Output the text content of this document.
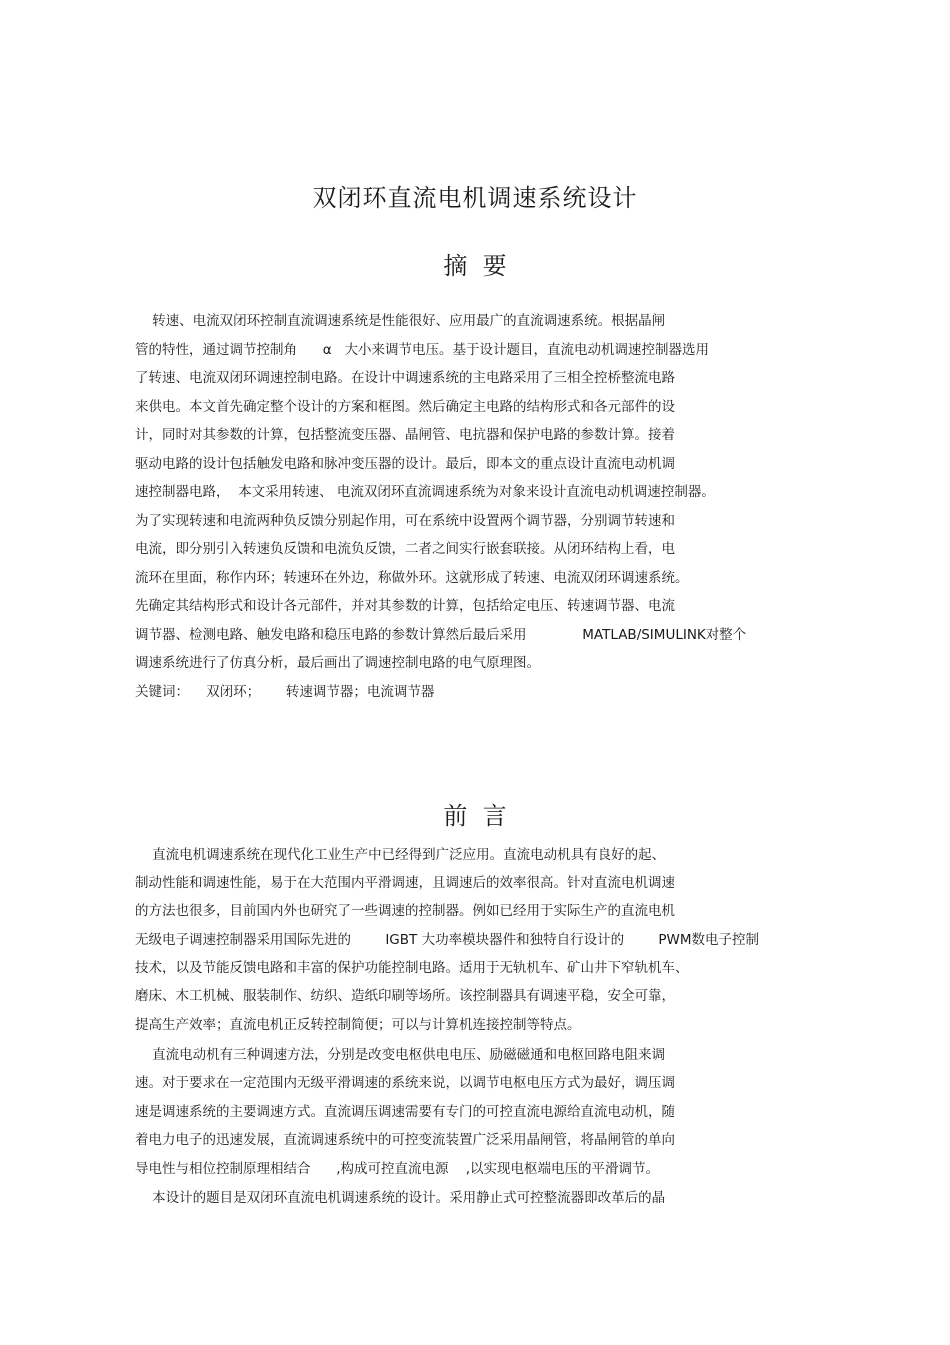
双闭环直流电机调速系统设计
摘  要
转速、电流双闭环控制直流调速系统是性能很好、应用最广的直流调速系统。根据晶闸
管的特性，通过调节控制角      α   大小来调节电压。基于设计题目，直流电动机调速控制器选用
了转速、电流双闭环调速控制电路。在设计中调速系统的主电路采用了三相全控桥整流电路
来供电。本文首先确定整个设计的方案和框图。然后确定主电路的结构形式和各元部件的设
计，同时对其参数的计算，包括整流变压器、晶闸管、电抗器和保护电路的参数计算。接着
驱动电路的设计包括触发电路和脉冲变压器的设计。最后，即本文的重点设计直流电动机调
速控制器电路，  本文采用转速、 电流双闭环直流调速系统为对象来设计直流电动机调速控制器。
为了实现转速和电流两种负反馈分别起作用，可在系统中设置两个调节器，分别调节转速和
电流，即分别引入转速负反馈和电流负反馈，二者之间实行嵌套联接。从闭环结构上看，电
流环在里面，称作内环；转速环在外边，称做外环。这就形成了转速、电流双闭环调速系统。
先确定其结构形式和设计各元部件，并对其参数的计算，包括给定电压、转速调节器、电流
调节器、检测电路、触发电路和稳压电路的参数计算然后最后采用             MATLAB/SIMULINK对整个
调速系统进行了仿真分析，最后画出了调速控制电路的电气原理图。
关键词：    双闭环；      转速调节器；电流调节器
前  言
直流电机调速系统在现代化工业生产中已经得到广泛应用。直流电动机具有良好的起、
制动性能和调速性能，易于在大范围内平滑调速，且调速后的效率很高。针对直流电机调速
的方法也很多，目前国内外也研究了一些调速的控制器。例如已经用于实际生产的直流电机
无级电子调速控制器采用国际先进的        IGBT 大功率模块器件和独特自行设计的        PWM数电子控制
技术，以及节能反馈电路和丰富的保护功能控制电路。适用于无轨机车、矿山井下窄轨机车、
磨床、木工机械、服装制作、纺织、造纸印刷等场所。该控制器具有调速平稳，安全可靠，
提高生产效率；直流电机正反转控制简便；可以与计算机连接控制等特点。
直流电动机有三种调速方法，分别是改变电枢供电电压、励磁磁通和电枢回路电阻来调
速。对于要求在一定范围内无级平滑调速的系统来说，以调节电枢电压方式为最好，调压调
速是调速系统的主要调速方式。直流调压调速需要有专门的可控直流电源给直流电动机，随
着电力电子的迅速发展，直流调速系统中的可控变流装置广泛采用晶闸管，将晶闸管的单向
导电性与相位控制原理相结合      ,构成可控直流电源    ,以实现电枢端电压的平滑调节。
本设计的题目是双闭环直流电机调速系统的设计。采用静止式可控整流器即改革后的晶
